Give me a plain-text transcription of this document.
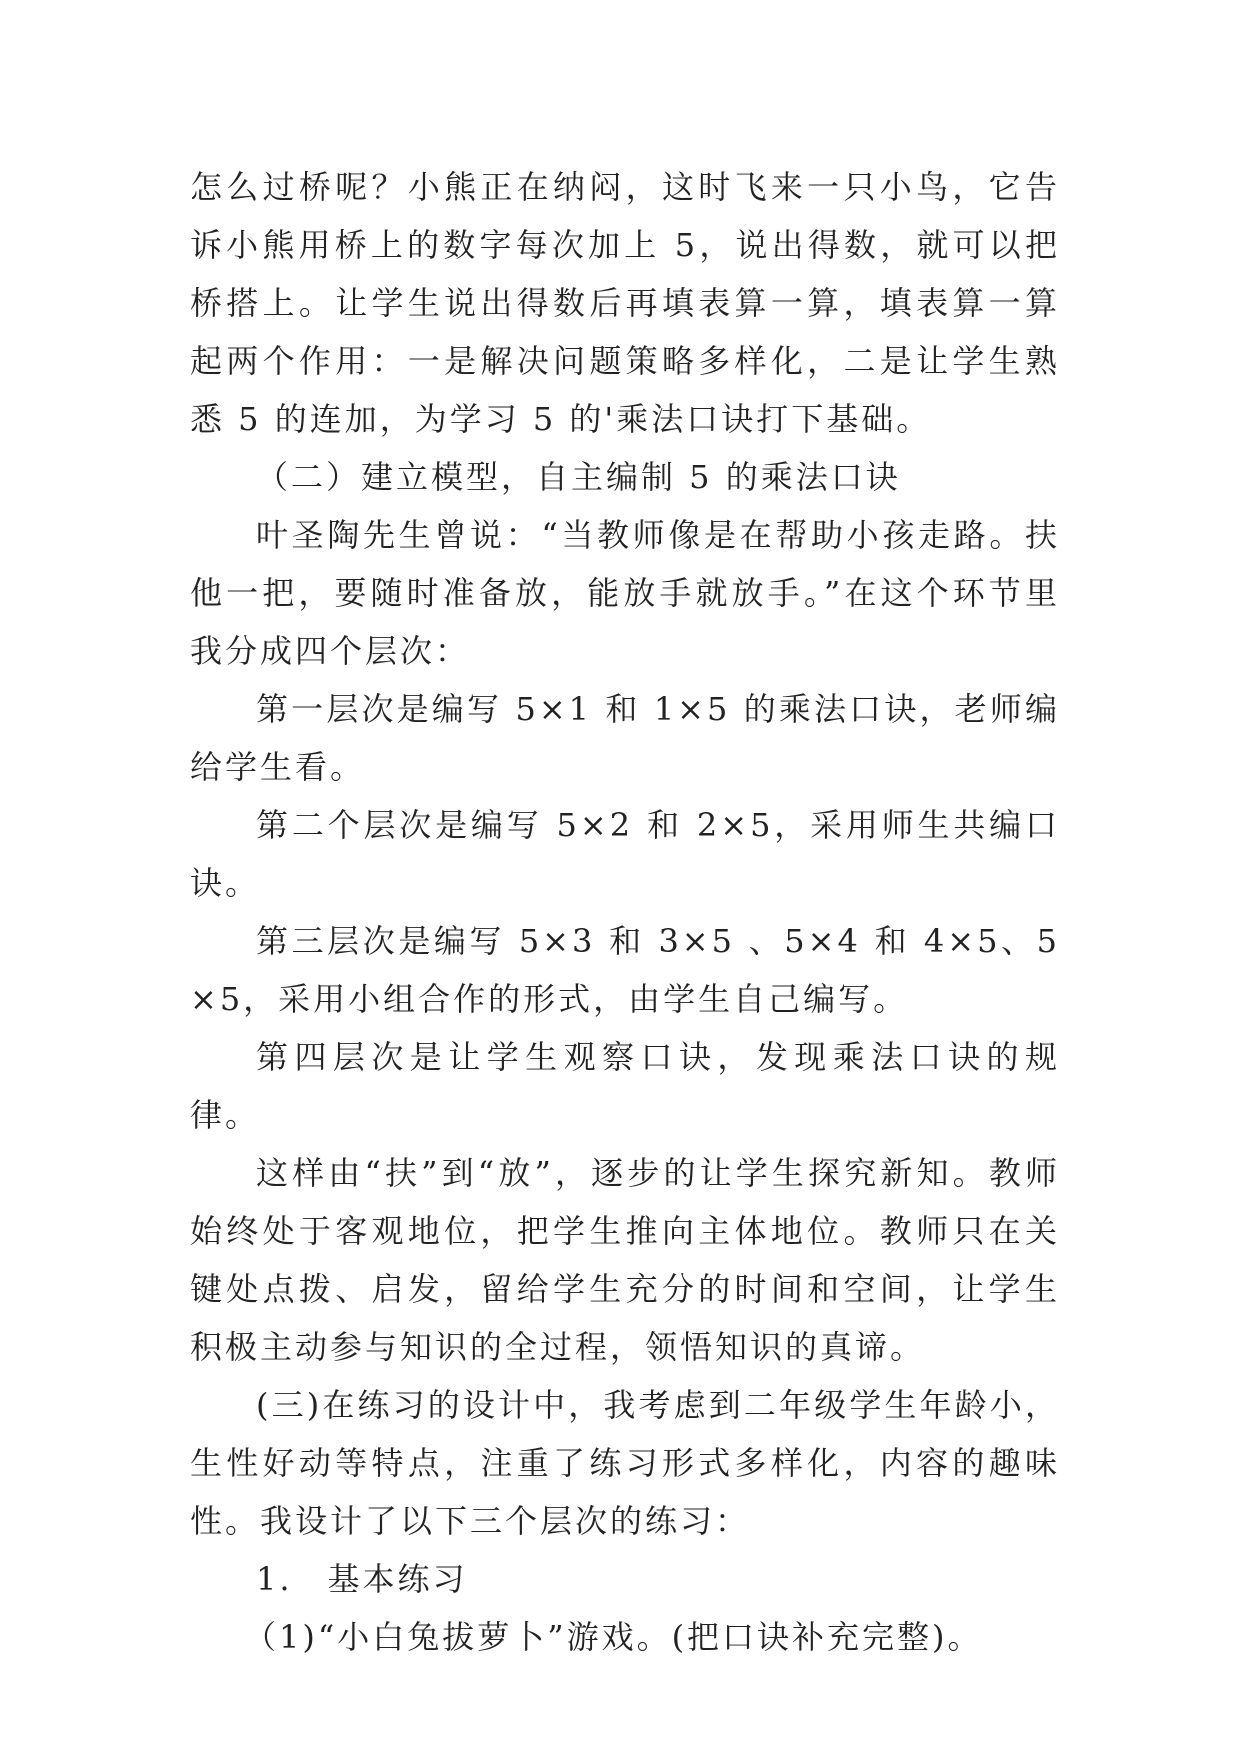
怎么过桥呢？小熊正在纳闷，这时飞来一只小鸟，它告诉小熊用桥上的数字每次加上 5，说出得数，就可以把桥搭上。让学生说出得数后再填表算一算，填表算一算起两个作用：一是解决问题策略多样化，二是让学生熟悉 5 的连加，为学习 5 的'乘法口诀打下基础。

（二）建立模型，自主编制 5 的乘法口诀

叶圣陶先生曾说：“当教师像是在帮助小孩走路。扶他一把，要随时准备放，能放手就放手。”在这个环节里我分成四个层次：

第一层次是编写 5×1 和 1×5 的乘法口诀，老师编给学生看。

第二个层次是编写 5×2 和 2×5，采用师生共编口诀。

第三层次是编写 5×3 和 3×5 、5×4 和 4×5、5×5，采用小组合作的形式，由学生自己编写。

第四层次是让学生观察口诀，发现乘法口诀的规律。

这样由“扶”到“放”，逐步的让学生探究新知。教师始终处于客观地位，把学生推向主体地位。教师只在关键处点拨、启发，留给学生充分的时间和空间，让学生积极主动参与知识的全过程，领悟知识的真谛。

(三)在练习的设计中，我考虑到二年级学生年龄小，生性好动等特点，注重了练习形式多样化，内容的趣味性。我设计了以下三个层次的练习：

1.　基本练习

（1)“小白兔拔萝卜”游戏。(把口诀补充完整)。
